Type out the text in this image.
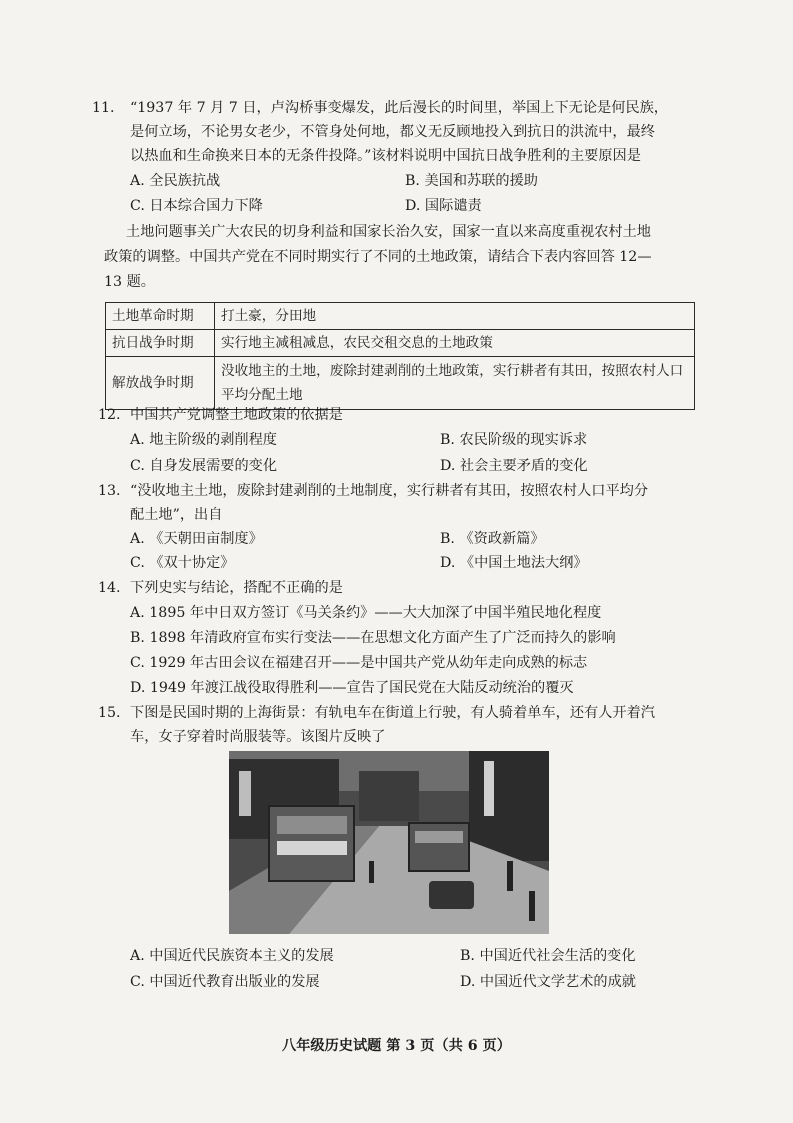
11. “1937 年 7 月 7 日，卢沟桥事变爆发，此后漫长的时间里，举国上下无论是何民族，
是何立场，不论男女老少，不管身处何地，都义无反顾地投入到抗日的洪流中，最终
以热血和生命换来日本的无条件投降。”该材料说明中国抗日战争胜利的主要原因是
A. 全民族抗战	B. 美国和苏联的援助
C. 日本综合国力下降	D. 国际谴责
土地问题事关广大农民的切身利益和国家长治久安，国家一直以来高度重视农村土地
政策的调整。中国共产党在不同时期实行了不同的土地政策，请结合下表内容回答 12—
13 题。
土地革命时期	打土豪，分田地
抗日战争时期	实行地主减租减息，农民交租交息的土地政策
解放战争时期	没收地主的土地，废除封建剥削的土地政策，实行耕者有其田，按照农村人口平均分配土地
12. 中国共产党调整土地政策的依据是
A. 地主阶级的剥削程度	B. 农民阶级的现实诉求
C. 自身发展需要的变化	D. 社会主要矛盾的变化
13. “没收地主土地，废除封建剥削的土地制度，实行耕者有其田，按照农村人口平均分
配土地”，出自
A. 《天朝田亩制度》	B. 《资政新篇》
C. 《双十协定》	D. 《中国土地法大纲》
14. 下列史实与结论，搭配不正确的是
A. 1895 年中日双方签订《马关条约》——大大加深了中国半殖民地化程度
B. 1898 年清政府宣布实行变法——在思想文化方面产生了广泛而持久的影响
C. 1929 年古田会议在福建召开——是中国共产党从幼年走向成熟的标志
D. 1949 年渡江战役取得胜利——宣告了国民党在大陆反动统治的覆灭
15. 下图是民国时期的上海街景：有轨电车在街道上行驶，有人骑着单车，还有人开着汽
车，女子穿着时尚服装等。该图片反映了
A. 中国近代民族资本主义的发展	B. 中国近代社会生活的变化
C. 中国近代教育出版业的发展	D. 中国近代文学艺术的成就
八年级历史试题 第 3 页（共 6 页）
